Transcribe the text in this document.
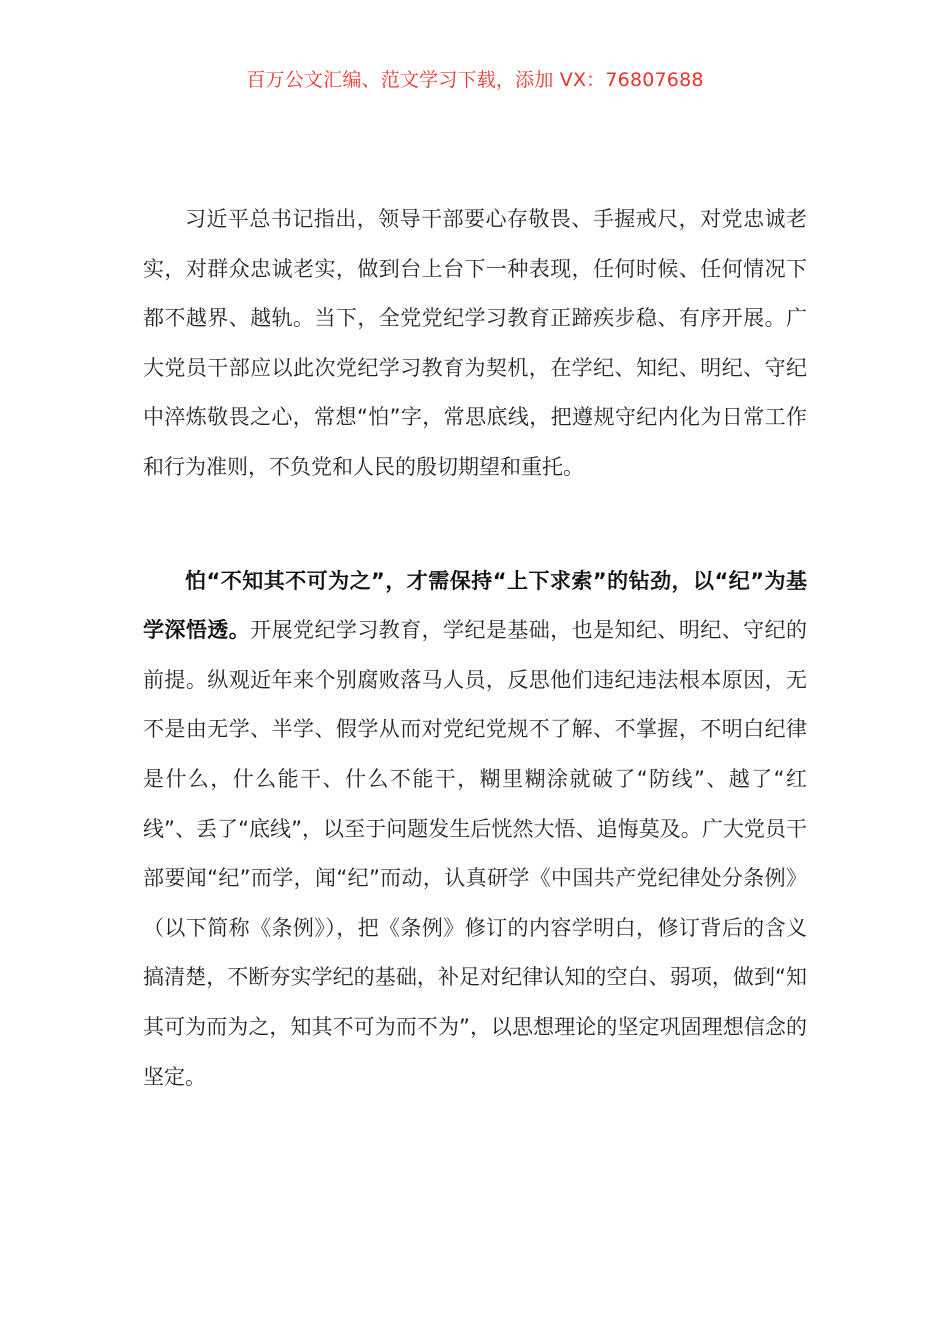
百万公文汇编、范文学习下载，添加 VX：76807688

习近平总书记指出，领导干部要心存敬畏、手握戒尺，对党忠诚老实，对群众忠诚老实，做到台上台下一种表现，任何时候、任何情况下都不越界、越轨。当下，全党党纪学习教育正蹄疾步稳、有序开展。广大党员干部应以此次党纪学习教育为契机，在学纪、知纪、明纪、守纪中淬炼敬畏之心，常想“怕”字，常思底线，把遵规守纪内化为日常工作和行为准则，不负党和人民的殷切期望和重托。

怕“不知其不可为之”，才需保持“上下求索”的钻劲，以“纪”为基学深悟透。开展党纪学习教育，学纪是基础，也是知纪、明纪、守纪的前提。纵观近年来个别腐败落马人员，反思他们违纪违法根本原因，无不是由无学、半学、假学从而对党纪党规不了解、不掌握，不明白纪律是什么，什么能干、什么不能干，糊里糊涂就破了“防线”、越了“红线”、丢了“底线”，以至于问题发生后恍然大悟、追悔莫及。广大党员干部要闻“纪”而学，闻“纪”而动，认真研学《中国共产党纪律处分条例》（以下简称《条例》），把《条例》修订的内容学明白，修订背后的含义搞清楚，不断夯实学纪的基础，补足对纪律认知的空白、弱项，做到“知其可为而为之，知其不可为而不为”，以思想理论的坚定巩固理想信念的坚定。
